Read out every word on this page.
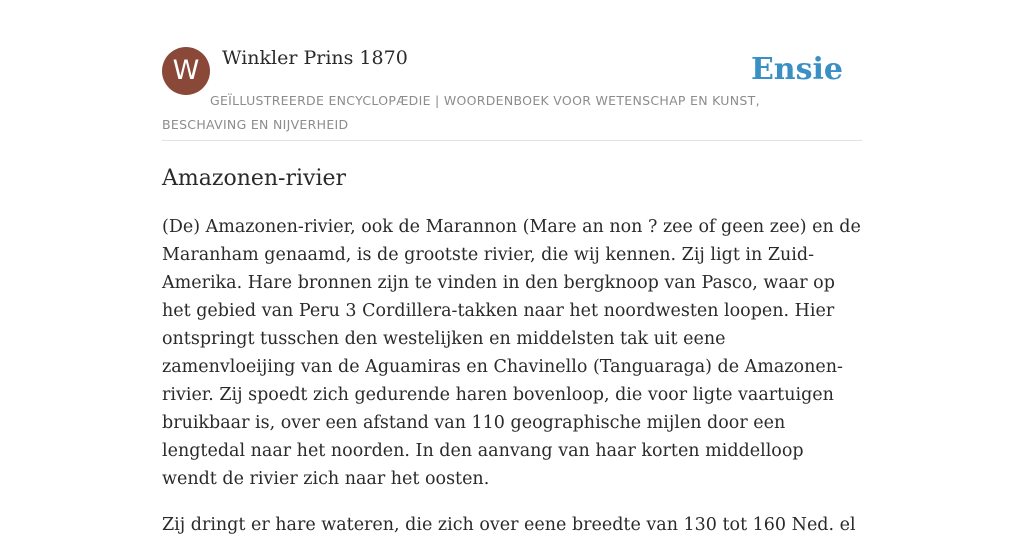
W	Winkler Prins 1870	Ensie
GEÏLLUSTREERDE ENCYCLOPÆDIE | WOORDENBOEK VOOR WETENSCHAP EN KUNST, BESCHAVING EN NIJVERHEID
Amazonen-rivier

(De) Amazonen-rivier, ook de Marannon (Mare an non ? zee of geen zee) en de Maranham genaamd, is de grootste rivier, die wij kennen. Zij ligt in Zuid-Amerika. Hare bronnen zijn te vinden in den bergknoop van Pasco, waar op het gebied van Peru 3 Cordillera-takken naar het noordwesten loopen. Hier ontspringt tusschen den westelijken en middelsten tak uit eene zamenvloeijing van de Aguamiras en Chavinello (Tanguaraga) de Amazonen-rivier. Zij spoedt zich gedurende haren bovenloop, die voor ligte vaartuigen bruikbaar is, over een afstand van 110 geographische mijlen door een lengtedal naar het noorden. In den aanvang van haar korten middelloop wendt de rivier zich naar het oosten.

Zij dringt er hare wateren, die zich over eene breedte van 130 tot 160 Ned. el
